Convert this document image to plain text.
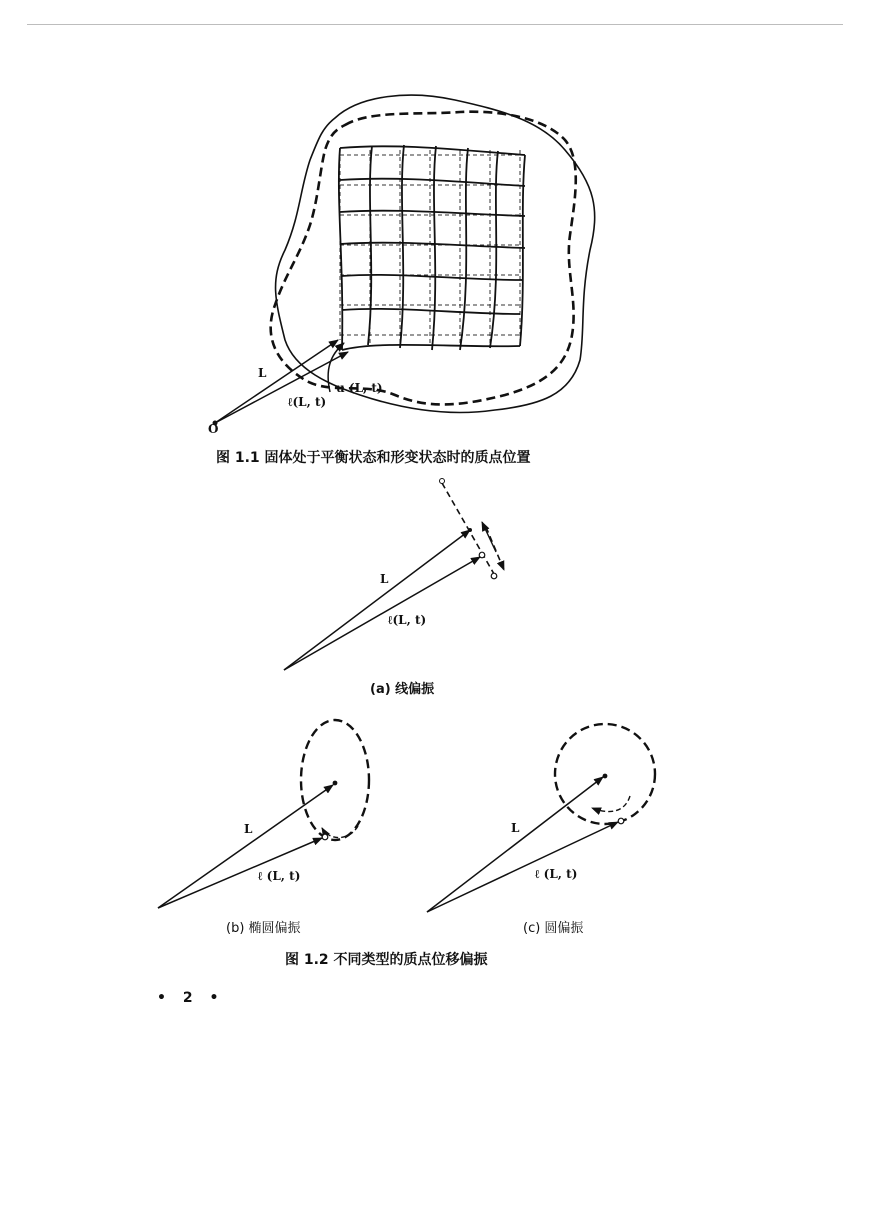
L
ℓ(L, t)
u (L, t)
O
L
ℓ(L, t)
L
ℓ (L, t)
L
ℓ (L, t)
图 1.1 固体处于平衡状态和形变状态时的质点位置
(a) 线偏振
(b) 椭圆偏振	(c) 圆偏振
图 1.2 不同类型的质点位移偏振
• 2 •
